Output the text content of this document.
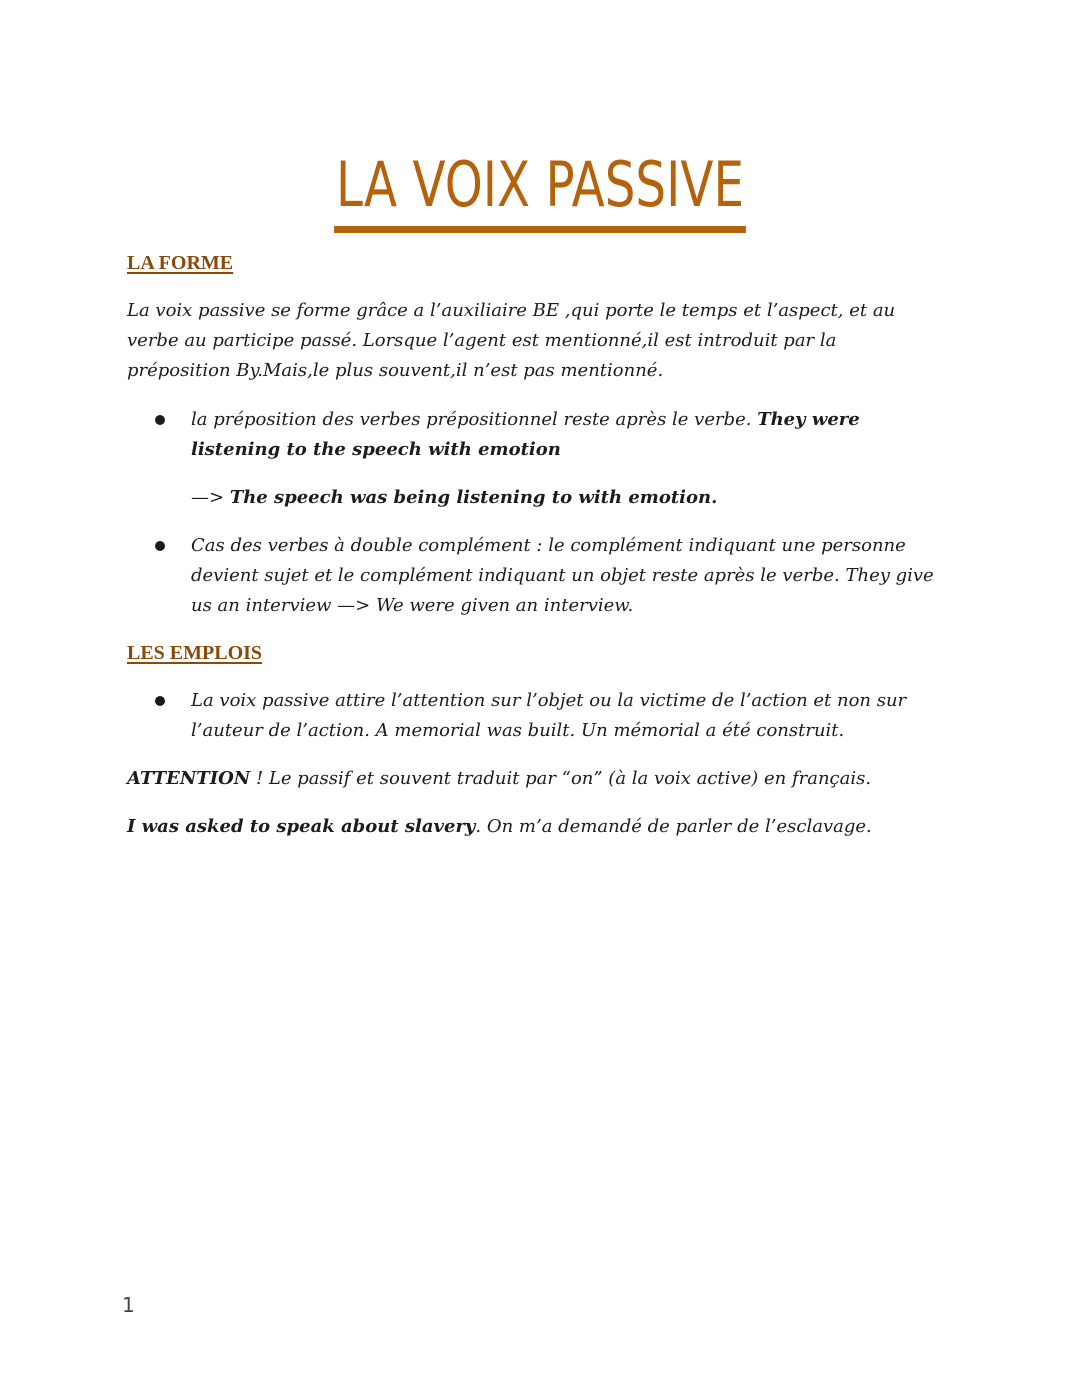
LA VOIX PASSIVE
LA FORME

La voix passive se forme grâce a l’auxiliaire BE ,qui porte le temps et l’aspect, et au verbe au participe passé. Lorsque l’agent est mentionné,il est introduit par la préposition By.Mais,le plus souvent,il n’est pas mentionné.

la préposition des verbes prépositionnel reste après le verbe. They were listening to the speech with emotion

—> The speech was being listening to with emotion.

Cas des verbes à double complément : le complément indiquant une personne devient sujet et le complément indiquant un objet reste après le verbe. They give us an interview —> We were given an interview.

LES EMPLOIS

La voix passive attire l’attention sur l’objet ou la victime de l’action et non sur l’auteur de l’action. A memorial was built. Un mémorial a été construit.

ATTENTION ! Le passif et souvent traduit par “on” (à la voix active) en français.

I was asked to speak about slavery. On m’a demandé de parler de l’esclavage.

1
